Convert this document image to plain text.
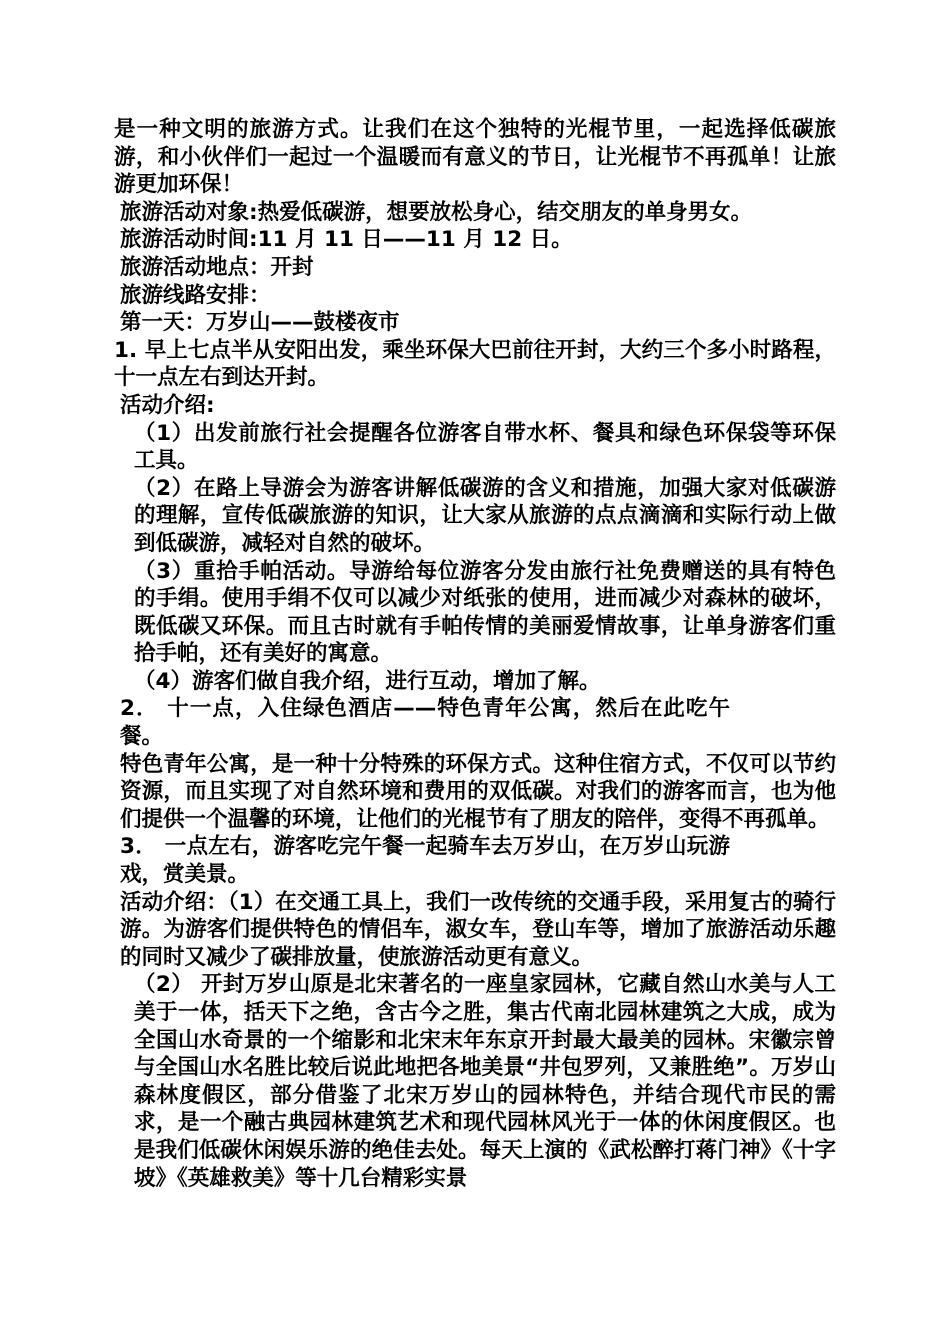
是一种文明的旅游方式。让我们在这个独特的光棍节里，一起选择低碳旅游，和小伙伴们一起过一个温暖而有意义的节日，让光棍节不再孤单！让旅游更加环保！

旅游活动对象:热爱低碳游，想要放松身心，结交朋友的单身男女。

旅游活动时间:11 月 11 日——11 月 12 日。

旅游活动地点：开封

旅游线路安排：

第一天：万岁山——鼓楼夜市

1. 早上七点半从安阳出发，乘坐环保大巴前往开封，大约三个多小时路程，十一点左右到达开封。

活动介绍:

（1）出发前旅行社会提醒各位游客自带水杯、餐具和绿色环保袋等环保工具。

（2）在路上导游会为游客讲解低碳游的含义和措施，加强大家对低碳游的理解，宣传低碳旅游的知识，让大家从旅游的点点滴滴和实际行动上做到低碳游，减轻对自然的破坏。

（3）重拾手帕活动。导游给每位游客分发由旅行社免费赠送的具有特色的手绢。使用手绢不仅可以减少对纸张的使用，进而减少对森林的破坏，既低碳又环保。而且古时就有手帕传情的美丽爱情故事，让单身游客们重拾手帕，还有美好的寓意。

（4）游客们做自我介绍，进行互动，增加了解。

2． 十一点，入住绿色酒店——特色青年公寓，然后在此吃午餐。

特色青年公寓，是一种十分特殊的环保方式。这种住宿方式，不仅可以节约资源，而且实现了对自然环境和费用的双低碳。对我们的游客而言，也为他们提供一个温馨的环境，让他们的光棍节有了朋友的陪伴，变得不再孤单。

3． 一点左右，游客吃完午餐一起骑车去万岁山，在万岁山玩游戏，赏美景。

活动介绍：（1）在交通工具上，我们一改传统的交通手段，采用复古的骑行游。为游客们提供特色的情侣车，淑女车，登山车等，增加了旅游活动乐趣的同时又减少了碳排放量，使旅游活动更有意义。

（2） 开封万岁山原是北宋著名的一座皇家园林，它藏自然山水美与人工美于一体，括天下之绝，含古今之胜，集古代南北园林建筑之大成，成为全国山水奇景的一个缩影和北宋末年东京开封最大最美的园林。宋徽宗曾与全国山水名胜比较后说此地把各地美景“井包罗列，又兼胜绝”。万岁山森林度假区，部分借鉴了北宋万岁山的园林特色，并结合现代市民的需求，是一个融古典园林建筑艺术和现代园林风光于一体的休闲度假区。也是我们低碳休闲娱乐游的绝佳去处。每天上演的《武松醉打蒋门神》《十字坡》《英雄救美》等十几台精彩实景
